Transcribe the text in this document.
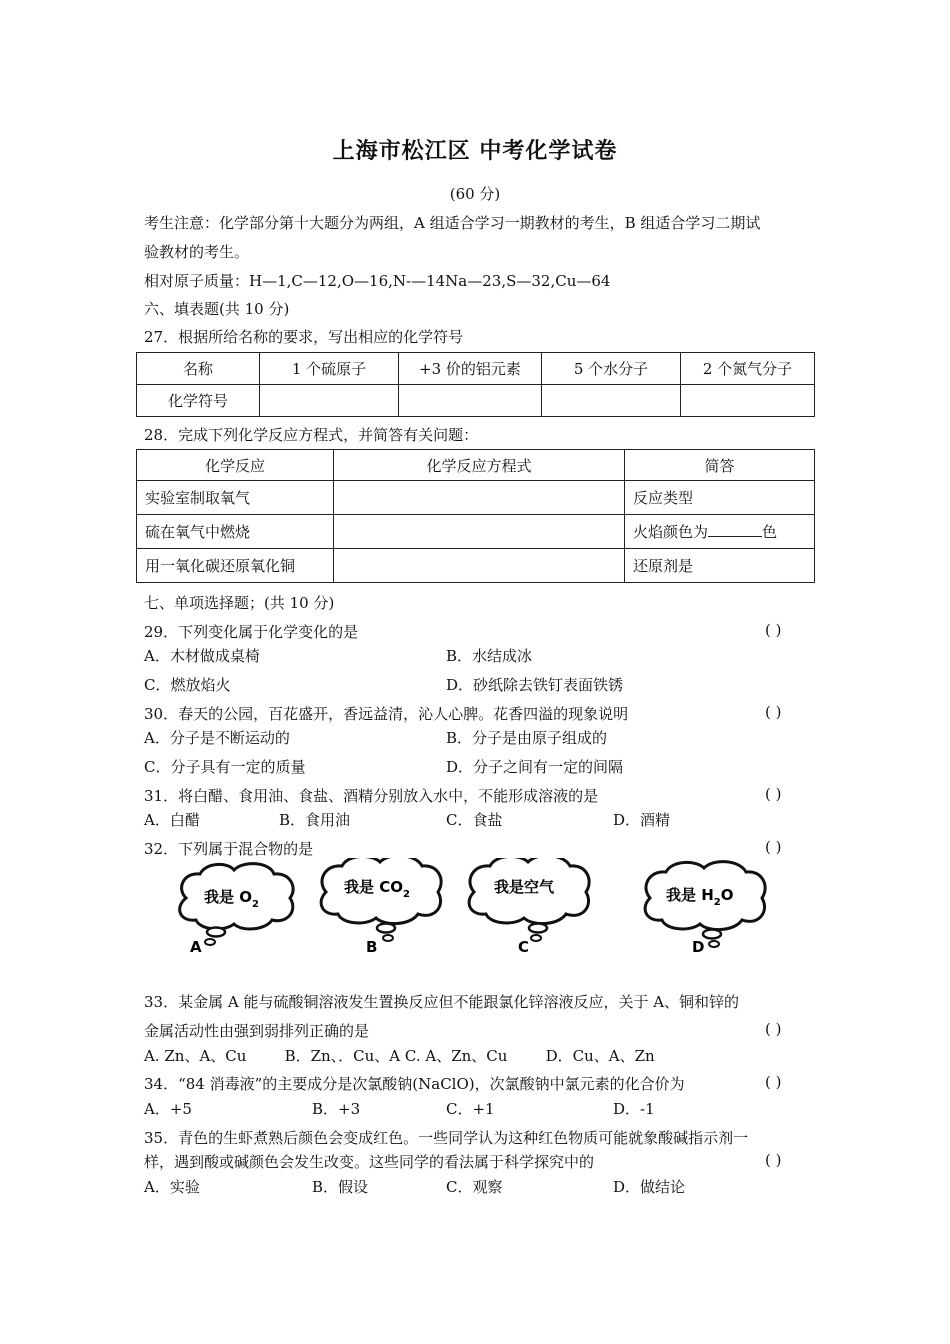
上海市松江区 中考化学试卷
(60 分)
考生注意：化学部分第十大题分为两组，A 组适合学习一期教材的考生，B 组适合学习二期试
验教材的考生。
相对原子质量：H—1,C—12,O—16,N-—14Na—23,S—32,Cu—64
六、填表题(共 10 分)
27．根据所给名称的要求，写出相应的化学符号
名称	1 个硫原子	+3 价的铝元素	5 个水分子	2 个氮气分子
化学符号				
28．完成下列化学反应方程式，并简答有关问题：
化学反应	化学反应方程式	简答
实验室制取氧气		反应类型
硫在氧气中燃烧		火焰颜色为 色
用一氧化碳还原氧化铜		还原剂是
七、单项选择题；(共 10 分)
29．下列变化属于化学变化的是	( )
A．木材做成桌椅	B．水结成冰
C．燃放焰火	D．砂纸除去铁钉表面铁锈
30．春天的公园，百花盛开，香远益清，沁人心脾。花香四溢的现象说明	( )
A．分子是不断运动的	B．分子是由原子组成的
C．分子具有一定的质量	D．分子之间有一定的间隔
31．将白醋、食用油、食盐、酒精分别放入水中，不能形成溶液的是	( )
A．白醋	B．食用油	C．食盐	D．酒精
32．下列属于混合物的是	( )
我是 $O_2$
A
我是 $CO_2$
B
我是空气
C
我是 $H_2O$
D
33．某金属 A 能与硫酸铜溶液发生置换反应但不能跟氯化锌溶液反应，关于 A、铜和锌的
金属活动性由强到弱排列正确的是	( )
A. Zn、A、Cu        B．Zn、．Cu、A C. A、Zn、Cu        D．Cu、A、Zn
34．“84 消毒液”的主要成分是次氯酸钠(NaClO)，次氯酸钠中氯元素的化合价为	( )
A．+5	B．+3	C．+1	D．-1
35．青色的生虾煮熟后颜色会变成红色。一些同学认为这种红色物质可能就象酸碱指示剂一
样，遇到酸或碱颜色会发生改变。这些同学的看法属于科学探究中的	( )
A．实验	B．假设	C．观察	D．做结论
